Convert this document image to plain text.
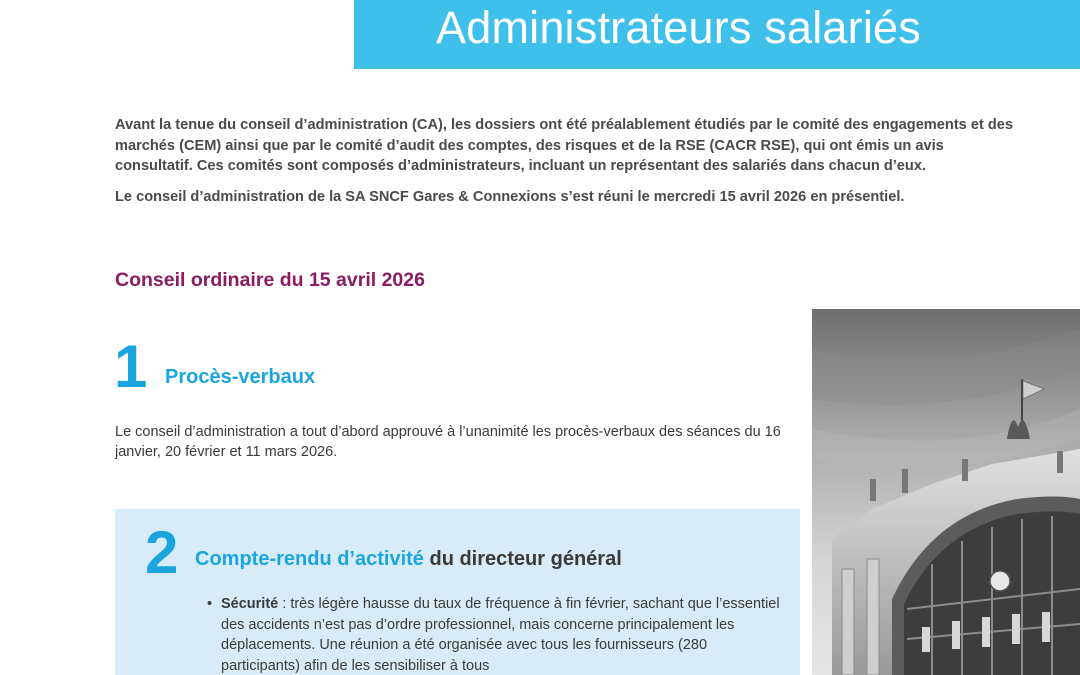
Administrateurs salariés

Avant la tenue du conseil d’administration (CA), les dossiers ont été préalablement étudiés par le comité des engagements et des marchés (CEM) ainsi que par le comité d’audit des comptes, des risques et de la RSE (CACR RSE), qui ont émis un avis consultatif. Ces comités sont composés d’administrateurs, incluant un représentant des salariés dans chacun d’eux.

Le conseil d’administration de la SA SNCF Gares & Connexions s’est réuni le mercredi 15 avril 2026 en présentiel.

Conseil ordinaire du 15 avril 2026
1 Procès-verbaux
Le conseil d’administration a tout d’abord approuvé à l’unanimité les procès-verbaux des séances du 16 janvier, 20 février et 11 mars 2026.
2 Compte-rendu d’activité du directeur général
• Sécurité : très légère hausse du taux de fréquence à fin février, sachant que l’essentiel des accidents n’est pas d’ordre professionnel, mais concerne principalement les déplacements. Une réunion a été organisée avec tous les fournisseurs (280 participants) afin de les sensibiliser à tous
